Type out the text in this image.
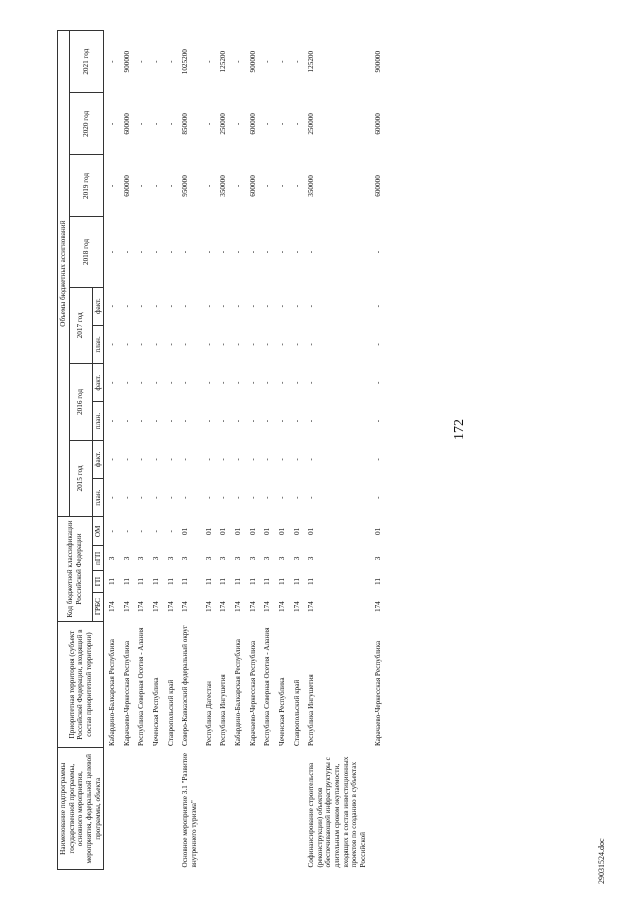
172
Наименование подпрограммы государственной программы, основного мероприятия, мероприятия, федеральной целевой программы, объекта	Приоритетная территория (субъект Российской Федерации, входящий в состав приоритетной территории)	Код бюджетной классификации Российской Федерации				Объемы бюджетных ассигнований									
						2015 год		2016 год		2017 год		2018 год	2019 год	2020 год	2021 год
		ГРБС	ГП	пГП	ОМ	план.	факт.	план.	факт.	план.	факт.				
	Кабардино-Балкарская Республика	174	11	3	-	-	-	-	-	-	-	-	-	-	-
	Карачаево-Черкесская Республика	174	11	3	-	-	-	-	-	-	-	-	600000	600000	900000
	Республика Северная Осетия - Алания	174	11	3	-	-	-	-	-	-	-	-	-	-	-
	Чеченская Республика	174	11	3	-	-	-	-	-	-	-	-	-	-	-
	Ставропольский край	174	11	3	-	-	-	-	-	-	-	-	-	-	-
Основное мероприятие 3.1 "Развитие внутреннего туризма"	Северо-Кавказский федеральный округ	174	11	3	01	-	-	-	-	-	-	-	950000	850000	1025200
	Республика Дагестан	174	11	3	01	-	-	-	-	-	-	-	-	-	-
	Республика Ингушетия	174	11	3	01	-	-	-	-	-	-	-	350000	250000	125200
	Кабардино-Балкарская Республика	174	11	3	01	-	-	-	-	-	-	-	-	-	-
	Карачаево-Черкесская Республика	174	11	3	01	-	-	-	-	-	-	-	600000	600000	900000
	Республика Северная Осетия - Алания	174	11	3	01	-	-	-	-	-	-	-	-	-	-
	Чеченская Республика	174	11	3	01	-	-	-	-	-	-	-	-	-	-
	Ставропольский край	174	11	3	01	-	-	-	-	-	-	-	-	-	-
Софинансирование строительства (реконструкции) объектов обеспечивающей инфраструктуры с длительным сроком окупаемости, входящих в состав инвестиционных проектов по созданию в субъектах Российской	Республика Ингушетия	174	11	3	01	-	-	-	-	-	-	-	350000	250000	125200
	Карачаево-Черкесская Республика	174	11	3	01	-	-	-	-	-	-	-	600000	600000	900000
29031524.doc
